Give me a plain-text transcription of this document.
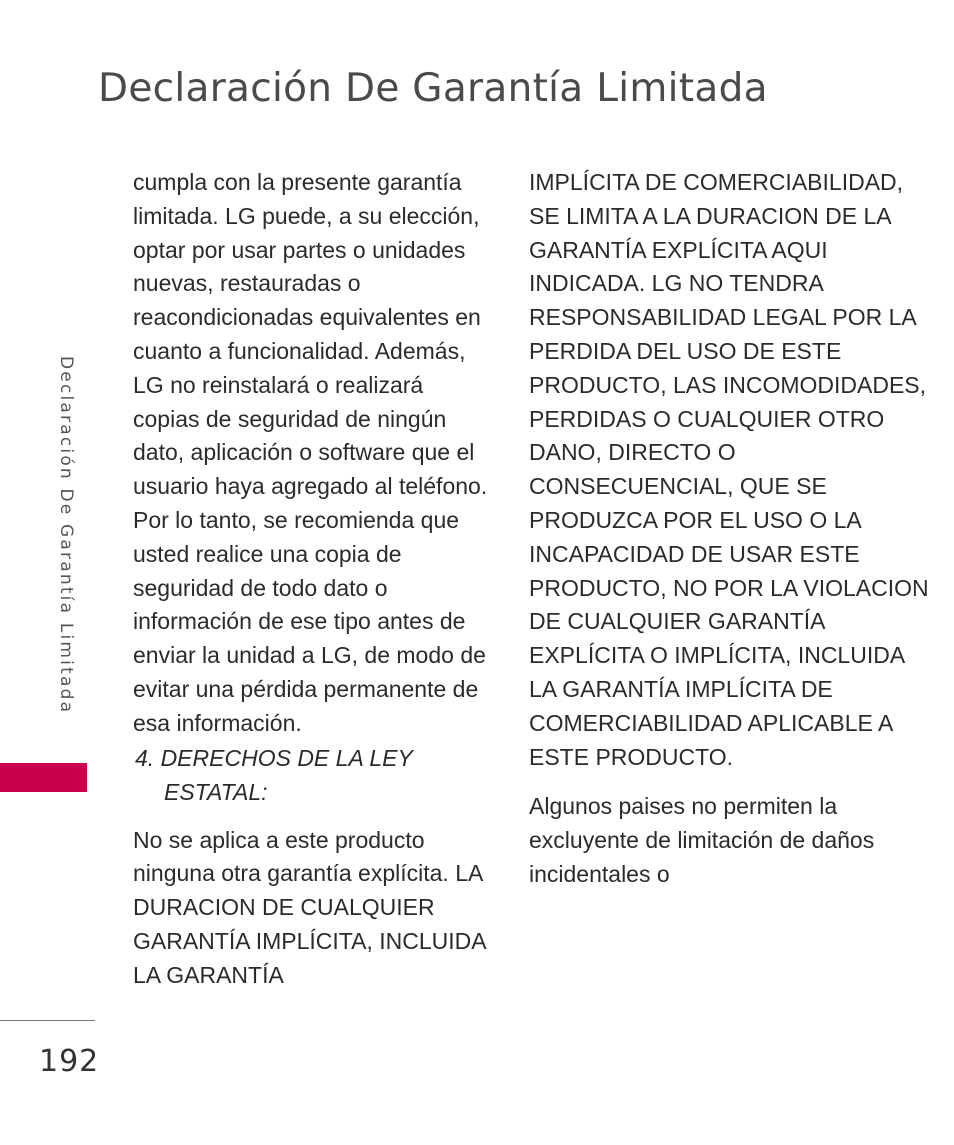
Declaración De Garantía Limitada
Declaración De Garantía Limitada

cumpla con la presente garantía limitada. LG puede, a su elección, optar por usar partes o unidades nuevas, restauradas o reacondicionadas equivalentes en cuanto a funcionalidad. Además, LG no reinstalará o realizará copias de seguridad de ningún dato, aplicación o software que el usuario haya agregado al teléfono. Por lo tanto, se recomienda que usted realice una copia de seguridad de todo dato o información de ese tipo antes de enviar la unidad a LG, de modo de evitar una pérdida permanente de esa información.

4. DERECHOS DE LA LEY ESTATAL:

No se aplica a este producto ninguna otra garantía explícita. LA DURACION DE CUALQUIER GARANTÍA IMPLÍCITA, INCLUIDA LA GARANTÍA

IMPLÍCITA DE COMERCIABILIDAD, SE LIMITA A LA DURACION DE LA GARANTÍA EXPLÍCITA AQUI INDICADA. LG NO TENDRA RESPONSABILIDAD LEGAL POR LA PERDIDA DEL USO DE ESTE PRODUCTO, LAS INCOMODIDADES, PERDIDAS O CUALQUIER OTRO DANO, DIRECTO O CONSECUENCIAL, QUE SE PRODUZCA POR EL USO O LA INCAPACIDAD DE USAR ESTE PRODUCTO, NO POR LA VIOLACION DE CUALQUIER GARANTÍA EXPLÍCITA O IMPLÍCITA, INCLUIDA LA GARANTÍA IMPLÍCITA DE COMERCIABILIDAD APLICABLE A ESTE PRODUCTO.

Algunos paises no permiten la excluyente de limitación de daños incidentales o

192
